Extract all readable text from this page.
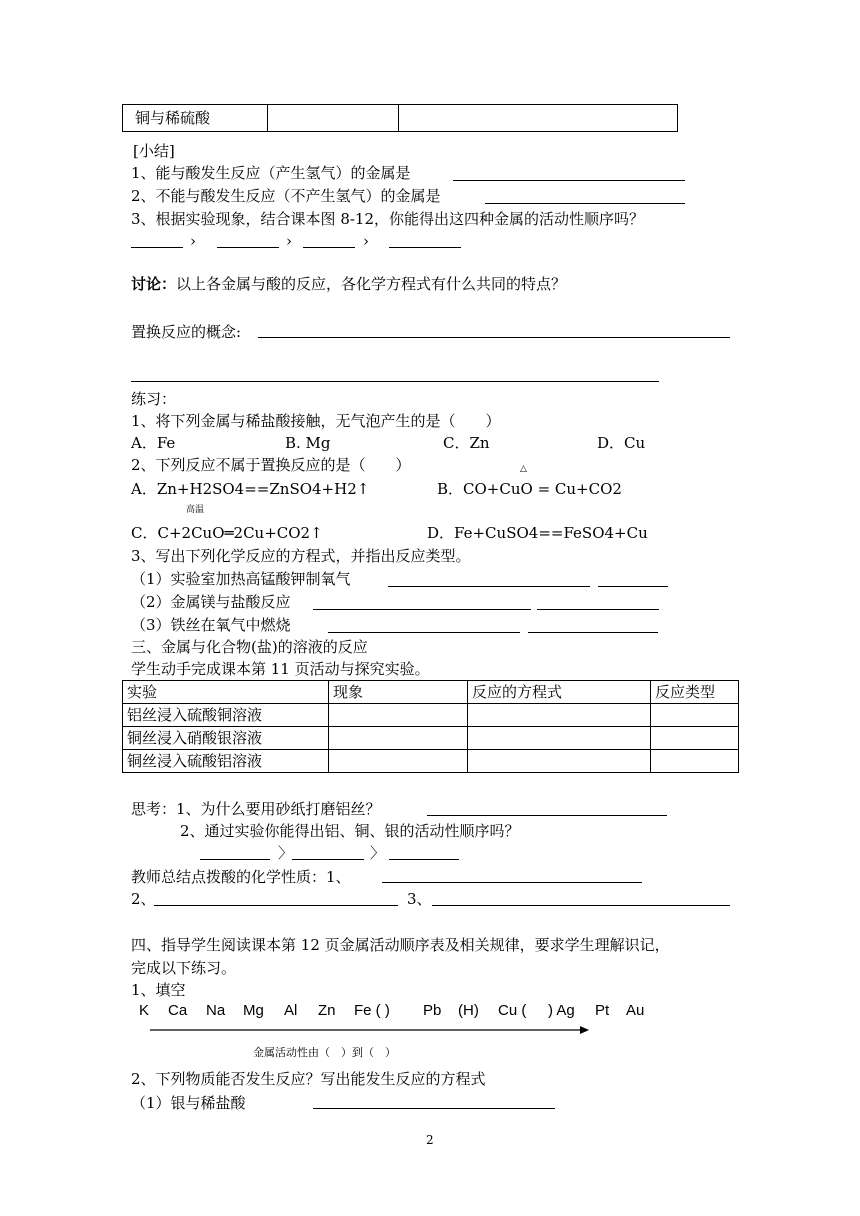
铜与稀硫酸		
[小结]
1、能与酸发生反应（产生氢气）的金属是
2、不能与酸发生反应（不产生氢气）的金属是
3、根据实验现象，结合课本图 8-12，你能得出这四种金属的活动性顺序吗？
›	›	›
讨论：以上各金属与酸的反应，各化学方程式有什么共同的特点？
置换反应的概念:
练习：
1、将下列金属与稀盐酸接触，无气泡产生的是（　　）
A．Fe	B. Mg	C．Zn	D．Cu
2、下列反应不属于置换反应的是（　　）	△
A．Zn+H2SO4==ZnSO4+H2↑	B．CO+CuO = Cu+CO2
高温
C．C+2CuO═2Cu+CO2↑	D．Fe+CuSO4==FeSO4+Cu
3、写出下列化学反应的方程式，并指出反应类型。
（1）实验室加热高锰酸钾制氧气
（2）金属镁与盐酸反应
（3）铁丝在氧气中燃烧
三、金属与化合物(盐)的溶液的反应
学生动手完成课本第 11 页活动与探究实验。
实验	现象	反应的方程式	反应类型
铝丝浸入硫酸铜溶液			
铜丝浸入硝酸银溶液			
铜丝浸入硫酸铝溶液			
思考：1、为什么要用砂纸打磨铝丝？
2、通过实验你能得出铝、铜、银的活动性顺序吗？
〉	〉
教师总结点拨酸的化学性质：1、
2、	3、
四、指导学生阅读课本第 12 页金属活动顺序表及相关规律，要求学生理解识记，
完成以下练习。
1、填空
K Ca Na Mg Al Zn Fe ( ) Pb (H) Cu ( ) Ag Pt Au
金属活动性由（　）到（　）
2、下列物质能否发生反应？写出能发生反应的方程式
（1）银与稀盐酸
2
